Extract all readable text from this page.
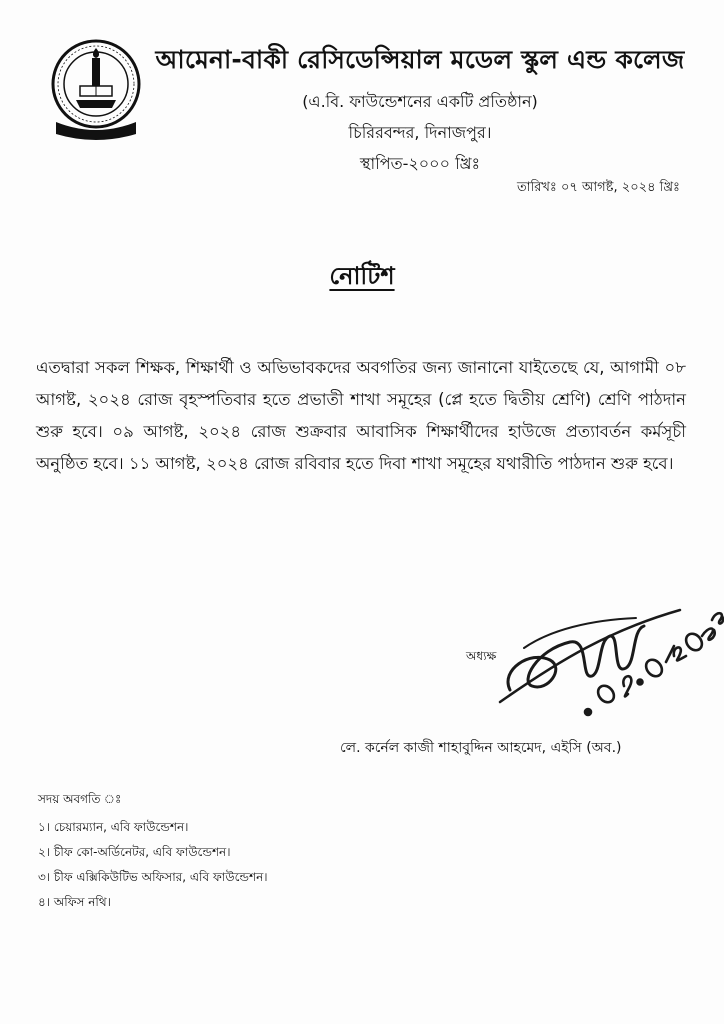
আমেনা-বাকী রেসিডেন্সিয়াল মডেল স্কুল এন্ড কলেজ
(এ.বি. ফাউন্ডেশনের একটি প্রতিষ্ঠান)
চিরিরবন্দর, দিনাজপুর।
স্থাপিত-২০০০ খ্রিঃ
তারিখঃ ০৭ আগষ্ট, ২০২৪ খ্রিঃ
নোটিশ
এতদ্বারা সকল শিক্ষক, শিক্ষার্থী ও অভিভাবকদের অবগতির জন্য জানানো যাইতেছে যে, আগামী ০৮ আগষ্ট, ২০২৪ রোজ বৃহস্পতিবার হতে প্রভাতী শাখা সমূহের (প্লে হতে দ্বিতীয় শ্রেণি) শ্রেণি পাঠদান শুরু হবে। ০৯ আগষ্ট, ২০২৪ রোজ শুক্রবার আবাসিক শিক্ষার্থীদের হাউজে প্রত্যাবর্তন কর্মসূচী অনুষ্ঠিত হবে। ১১ আগষ্ট, ২০২৪ রোজ রবিবার হতে দিবা শাখা সমূহের যথারীতি পাঠদান শুরু হবে।
অধ্যক্ষ
লে. কর্নেল কাজী শাহাবুদ্দিন আহমেদ, এইসি (অব.)
সদয় অবগতি ঃ
১। চেয়ারম্যান, এবি ফাউন্ডেশন।
২। চীফ কো-অর্ডিনেটর, এবি ফাউন্ডেশন।
৩। চীফ এক্সিকিউটিভ অফিসার, এবি ফাউন্ডেশন।
৪। অফিস নথি।
